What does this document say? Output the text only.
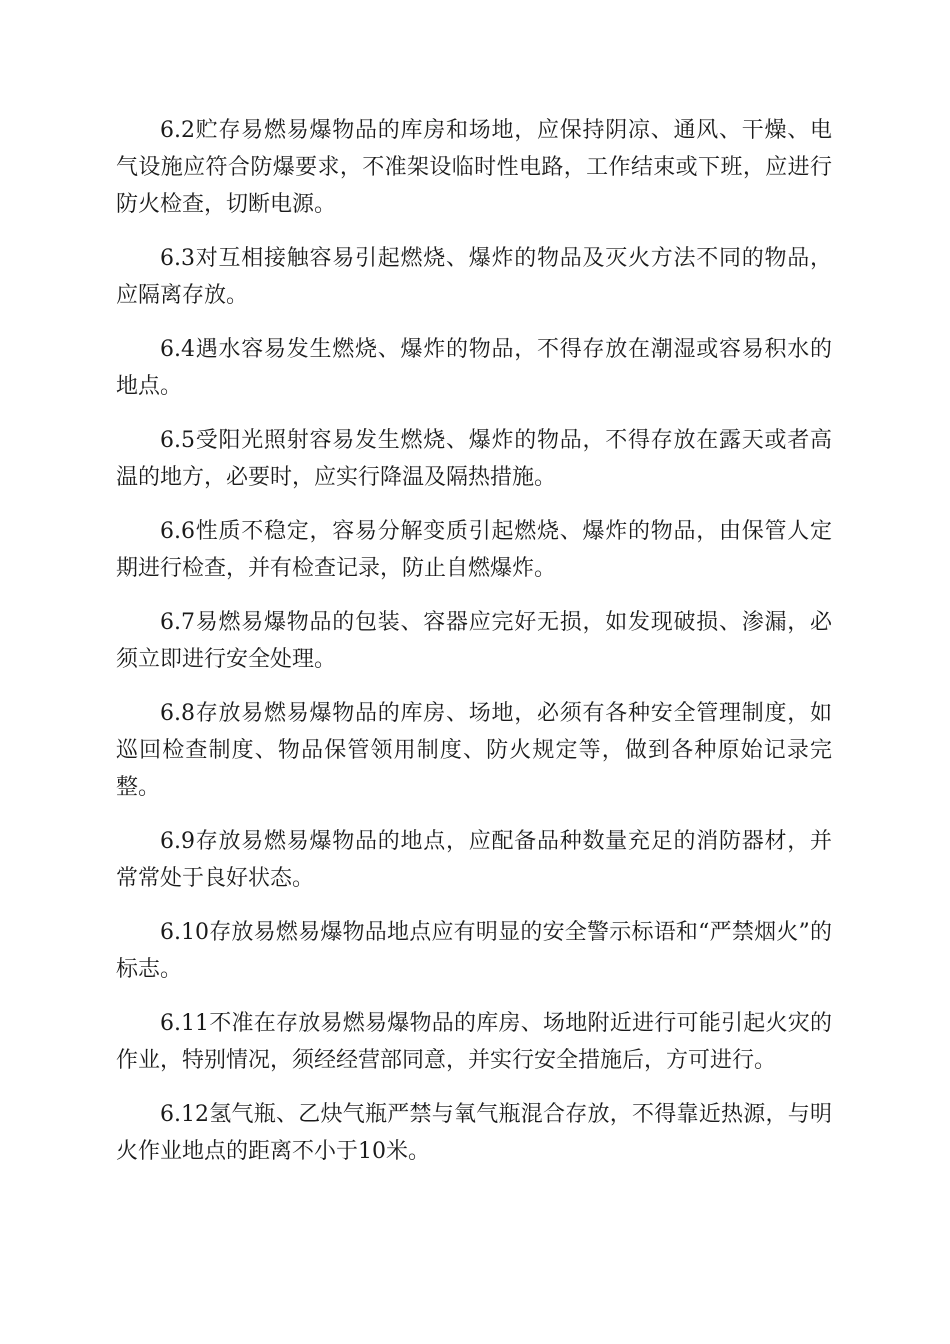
6.2贮存易燃易爆物品的库房和场地，应保持阴凉、通风、干燥、电气设施应符合防爆要求，不准架设临时性电路，工作结束或下班，应进行防火检查，切断电源。

6.3对互相接触容易引起燃烧、爆炸的物品及灭火方法不同的物品，应隔离存放。

6.4遇水容易发生燃烧、爆炸的物品，不得存放在潮湿或容易积水的地点。

6.5受阳光照射容易发生燃烧、爆炸的物品，不得存放在露天或者高温的地方，必要时，应实行降温及隔热措施。

6.6性质不稳定，容易分解变质引起燃烧、爆炸的物品，由保管人定期进行检查，并有检查记录，防止自燃爆炸。

6.7易燃易爆物品的包装、容器应完好无损，如发现破损、渗漏，必须立即进行安全处理。

6.8存放易燃易爆物品的库房、场地，必须有各种安全管理制度，如巡回检查制度、物品保管领用制度、防火规定等，做到各种原始记录完整。

6.9存放易燃易爆物品的地点，应配备品种数量充足的消防器材，并常常处于良好状态。

6.10存放易燃易爆物品地点应有明显的安全警示标语和“严禁烟火”的标志。

6.11不准在存放易燃易爆物品的库房、场地附近进行可能引起火灾的作业，特别情况，须经经营部同意，并实行安全措施后，方可进行。

6.12氢气瓶、乙炔气瓶严禁与氧气瓶混合存放，不得靠近热源，与明火作业地点的距离不小于10米。
